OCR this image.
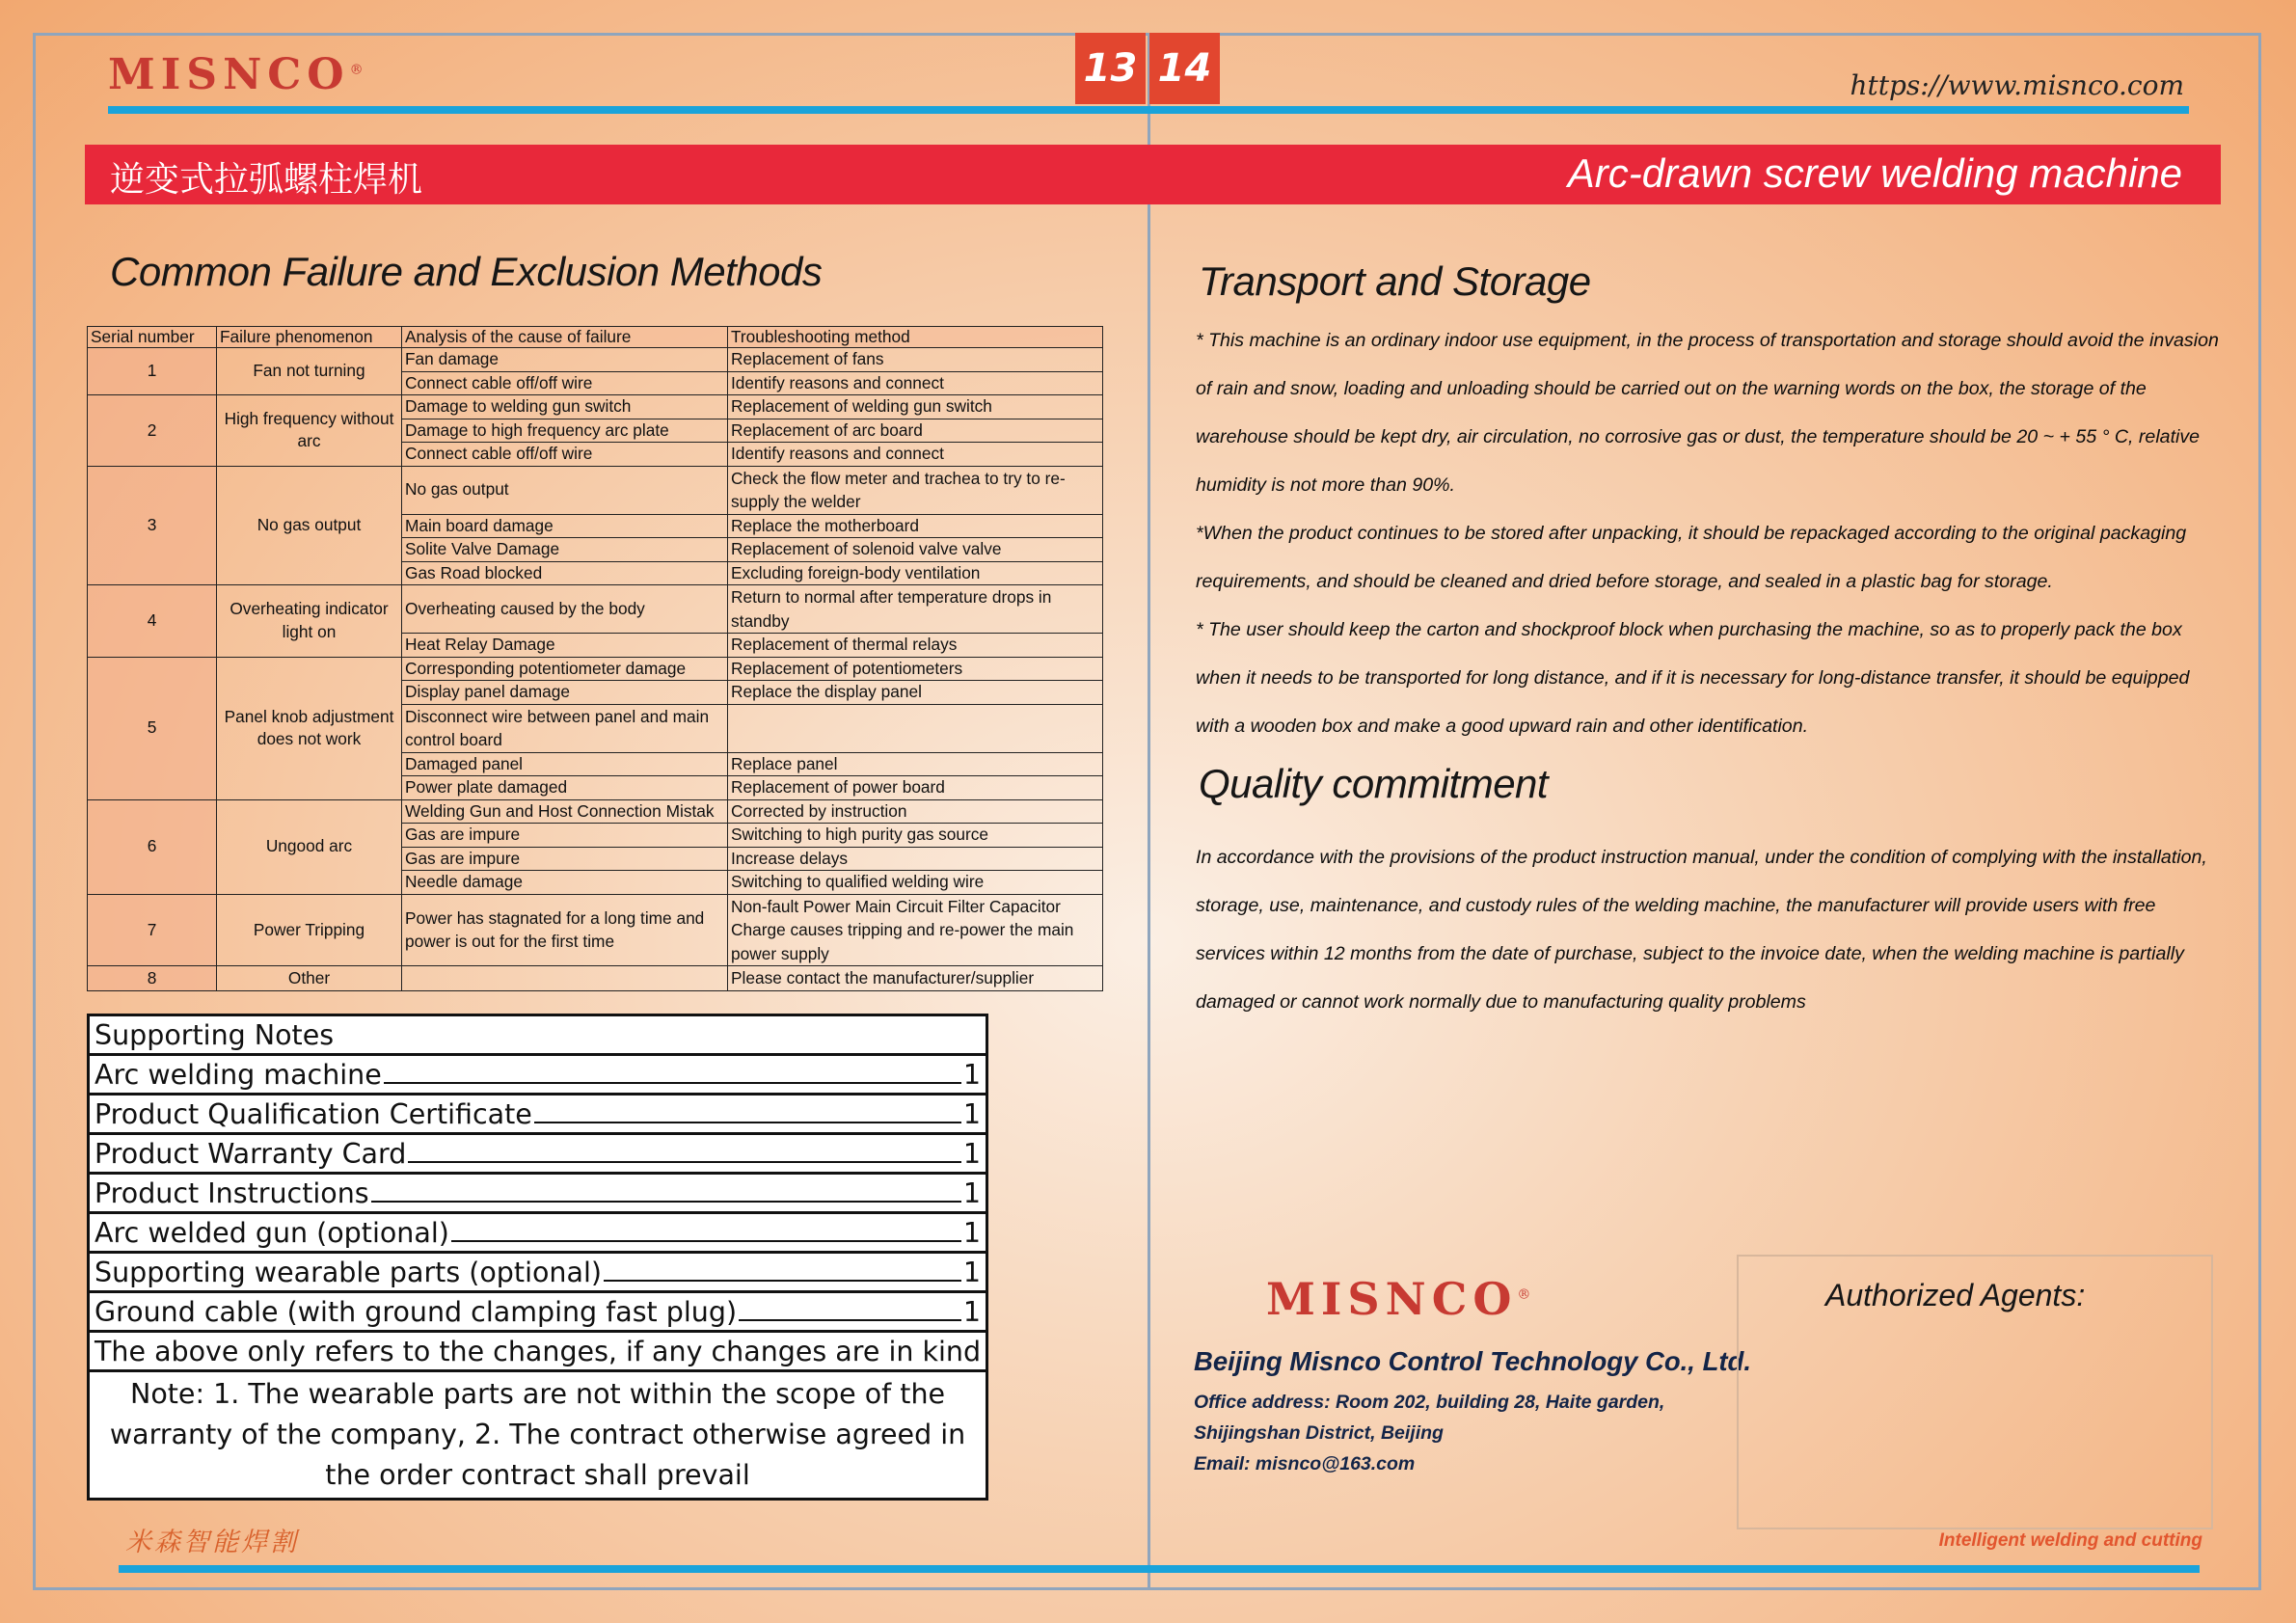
MISNCO®	https://www.misnco.com
13 14
逆变式拉弧螺柱焊机	Arc-drawn screw welding machine
Common Failure and Exclusion Methods
Serial number	Failure phenomenon	Analysis of the cause of failure	Troubleshooting method
1	Fan not turning	Fan damage	Replacement of fans
		Connect cable off/off wire	Identify reasons and connect
2	High frequency without arc	Damage to welding gun switch	Replacement of welding gun switch
		Damage to high frequency arc plate	Replacement of arc board
		Connect cable off/off wire	Identify reasons and connect
3	No gas output	No gas output	Check the flow meter and trachea to try to re-supply the welder
		Main board damage	Replace the motherboard
		Solite Valve Damage	Replacement of solenoid valve valve
		Gas Road blocked	Excluding foreign-body ventilation
4	Overheating indicator light on	Overheating caused by the body	Return to normal after temperature drops in standby
		Heat Relay Damage	Replacement of thermal relays
5	Panel knob adjustment does not work	Corresponding potentiometer damage	Replacement of potentiometers
		Display panel damage	Replace the display panel
		Disconnect wire between panel and main control board	
		Damaged panel	Replace panel
		Power plate damaged	Replacement of power board
6	Ungood arc	Welding Gun and Host Connection Mistak	Corrected by instruction
		Gas are impure	Switching to high purity gas source
		Gas are impure	Increase delays
		Needle damage	Switching to qualified welding wire
7	Power Tripping	Power has stagnated for a long time and power is out for the first time	Non-fault Power Main Circuit Filter Capacitor Charge causes tripping and re-power the main power supply
8	Other		Please contact the manufacturer/supplier
Supporting Notes

Arc welding machine	1

Product Qualification Certificate	1

Product Warranty Card	1

Product Instructions	1

Arc welded gun (optional)	1

Supporting wearable parts (optional)	1

Ground cable (with ground clamping fast plug)	1

The above only refers to the changes, if any changes are in kind
Note: 1. The wearable parts are not within the scope of the warranty of the company, 2. The contract otherwise agreed in the order contract shall prevail
米森智能焊割
Transport and Storage

* This machine is an ordinary indoor use equipment, in the process of transportation and storage should avoid the invasion of rain and snow, loading and unloading should be carried out on the warning words on the box, the storage of the warehouse should be kept dry, air circulation, no corrosive gas or dust, the temperature should be 20 ~ + 55 ° C, relative humidity is not more than 90%.

*When the product continues to be stored after unpacking, it should be repackaged according to the original packaging requirements, and should be cleaned and dried before storage, and sealed in a plastic bag for storage.

* The user should keep the carton and shockproof block when purchasing the machine, so as to properly pack the box when it needs to be transported for long distance, and if it is necessary for long-distance transfer, it should be equipped with a wooden box and make a good upward rain and other identification.

Quality commitment

In accordance with the provisions of the product instruction manual, under the condition of complying with the installation, storage, use, maintenance, and custody rules of the welding machine, the manufacturer will provide users with free services within 12 months from the date of purchase, subject to the invoice date, when the welding machine is partially damaged or cannot work normally due to manufacturing quality problems

MISNCO®
Beijing Misnco Control Technology Co., Ltd.
Office address: Room 202, building 28, Haite garden,
Shijingshan District, Beijing
Email: misnco@163.com
Authorized Agents:
Intelligent welding and cutting
